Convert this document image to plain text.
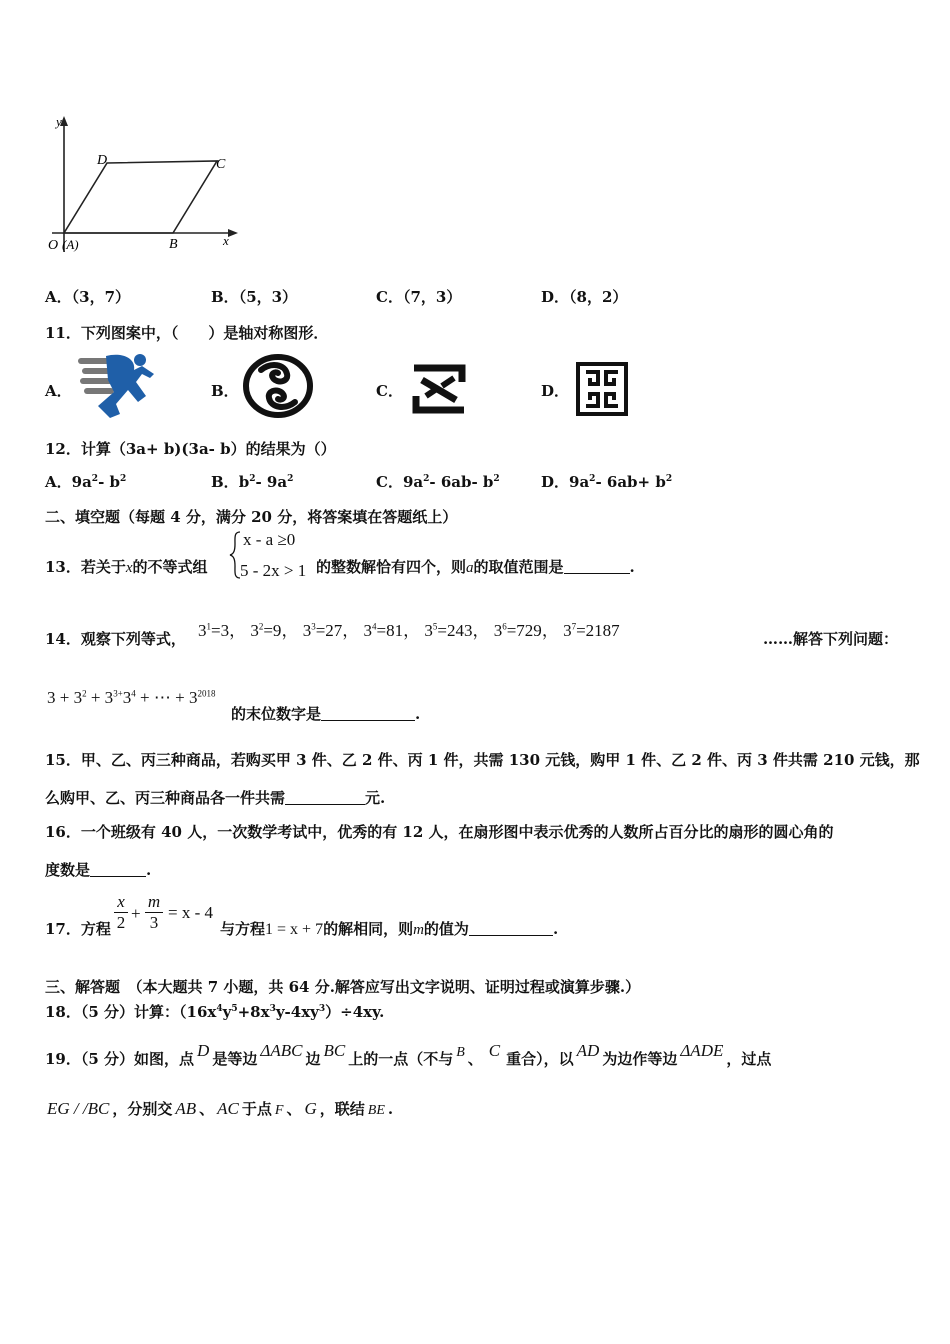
y
x
D	C
B
O (A)
A．（3，7）	B．（5，3）	C．（7，3）	D．（8，2）
11．下列图案中，（　　）是轴对称图形．
A．	B．	C．	D．
12．计算（3a+ b)(3a- b）的结果为（）
A．$9a^2-$ $b^2$	B．$b^2-$ $9a^2$	C．$9a^2-$ 6ab- $b^2$	D．$9a^2-$ $6ab+ b^2$
二、填空题（每题 4 分，满分 20 分，将答案填在答题纸上）
13．若关于x的不等式组
x - a ≥0
5 - 2x > 1 的整数解恰有四个，则a的取值范围是	.
14．观察下列等式， $3^1=3$， $3^2=9$， $3^3=27$， $3^4=81$， $3^5=243$， $3^6=729$， $3^7=2187$	……解答下列问题：
$3 + 3^2 + 3^{3+}3^4$ + ⋯ + $3^{2018}$
的末位数字是	.
15．甲、乙、丙三种商品，若购买甲 3 件、乙 2 件、丙 1 件，共需 130 元钱，购甲 1 件、乙 2 件、丙 3 件共需 210 元钱，那
么购甲、乙、丙三种商品各一件共需	元.
16．一个班级有 40 人，一次数学考试中，优秀的有 12 人，在扇形图中表示优秀的人数所占百分比的扇形的圆心角的
度数是	.
17．方程
x
2 +
m
3
= x - 4
与方程1 = x + 7的解相同，则m的值为	.
三、解答题　（本大题共 7 小题，共 64 分.解答应写出文字说明、证明过程或演算步骤.）
18．（5 分）计算：$(16x^4y^5+8x^3y-4xy^3)\div 4xy$.
19．（5 分）如图，点 D 是等边 ΔABC 边 BC 上的一点（不与 B 、 C 重合），以 AD 为边作等边 ΔADE ，过点
EG / /BC ，分别交 AB 、 AC 于点 F 、 G ，联结 BE .
